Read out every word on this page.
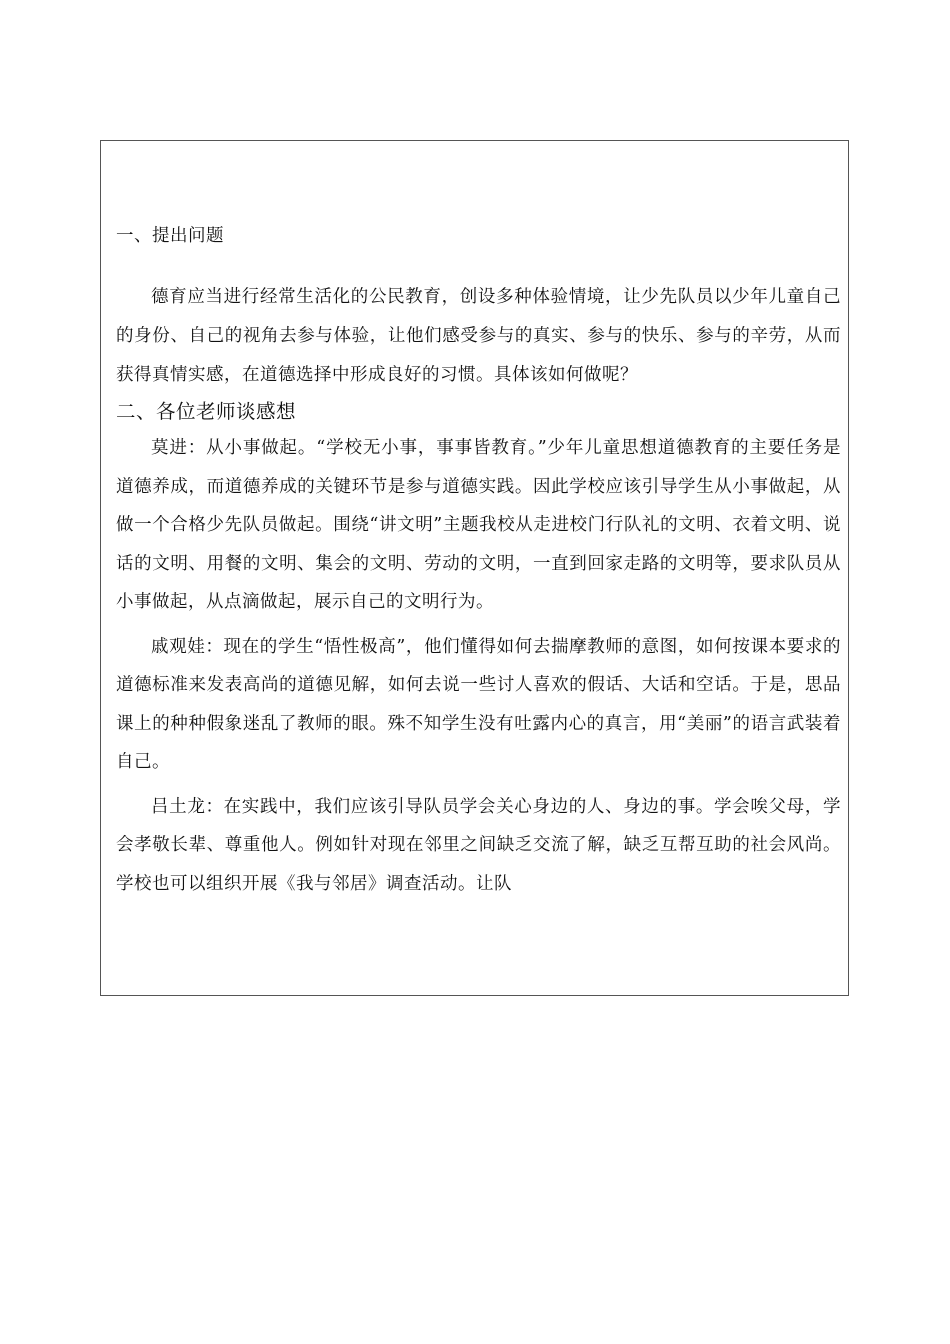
一、提出问题

德育应当进行经常生活化的公民教育，创设多种体验情境，让少先队员以少年儿童自己的身份、自己的视角去参与体验，让他们感受参与的真实、参与的快乐、参与的辛劳，从而获得真情实感，在道德选择中形成良好的习惯。具体该如何做呢？

二、各位老师谈感想

莫进：从小事做起。“学校无小事，事事皆教育。”少年儿童思想道德教育的主要任务是道德养成，而道德养成的关键环节是参与道德实践。因此学校应该引导学生从小事做起，从做一个合格少先队员做起。围绕“讲文明”主题我校从走进校门行队礼的文明、衣着文明、说话的文明、用餐的文明、集会的文明、劳动的文明，一直到回家走路的文明等，要求队员从小事做起，从点滴做起，展示自己的文明行为。

戚观娃：现在的学生“悟性极高”，他们懂得如何去揣摩教师的意图，如何按课本要求的道德标准来发表高尚的道德见解，如何去说一些讨人喜欢的假话、大话和空话。于是，思品课上的种种假象迷乱了教师的眼。殊不知学生没有吐露内心的真言，用“美丽”的语言武装着自己。

吕土龙：在实践中，我们应该引导队员学会关心身边的人、身边的事。学会唉父母，学会孝敬长辈、尊重他人。例如针对现在邻里之间缺乏交流了解，缺乏互帮互助的社会风尚。学校也可以组织开展《我与邻居》调查活动。让队
